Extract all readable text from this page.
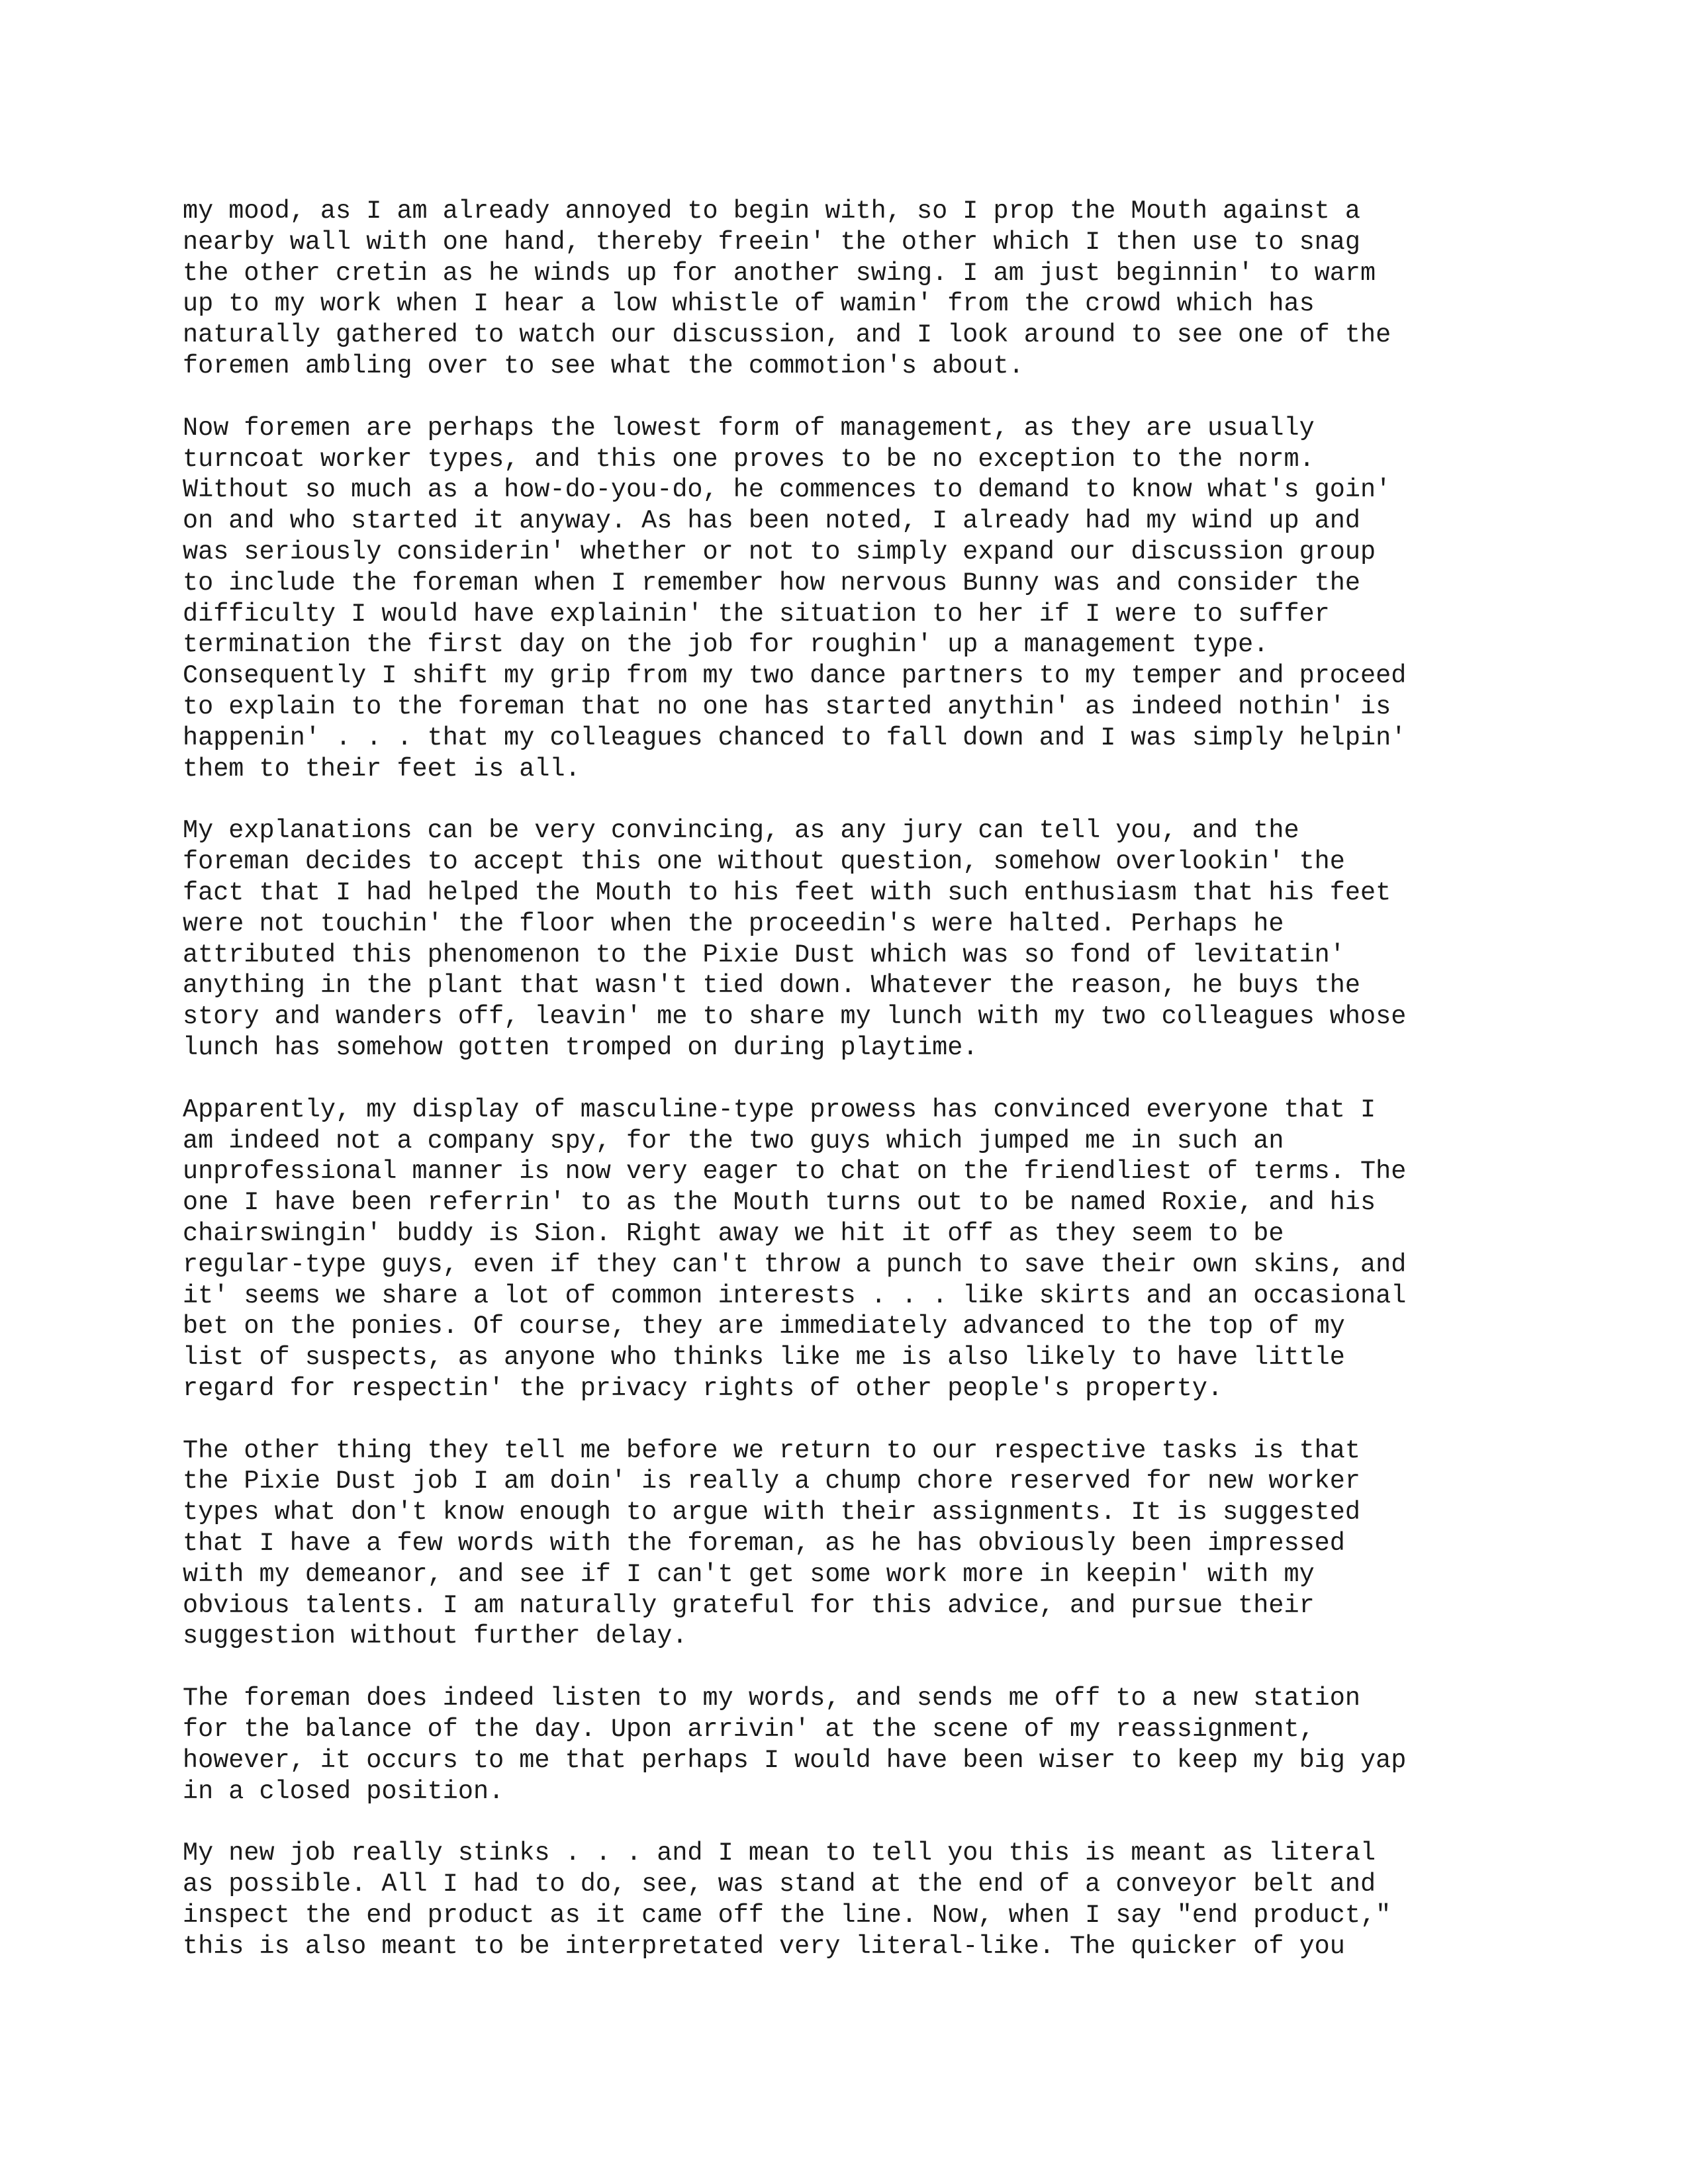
my mood, as I am already annoyed to begin with, so I prop the Mouth against a
nearby wall with one hand, thereby freein' the other which I then use to snag
the other cretin as he winds up for another swing. I am just beginnin' to warm
up to my work when I hear a low whistle of wamin' from the crowd which has
naturally gathered to watch our discussion, and I look around to see one of the
foremen ambling over to see what the commotion's about.
Now foremen are perhaps the lowest form of management, as they are usually
turncoat worker types, and this one proves to be no exception to the norm.
Without so much as a how-do-you-do, he commences to demand to know what's goin'
on and who started it anyway. As has been noted, I already had my wind up and
was seriously considerin' whether or not to simply expand our discussion group
to include the foreman when I remember how nervous Bunny was and consider the
difficulty I would have explainin' the situation to her if I were to suffer
termination the first day on the job for roughin' up a management type.
Consequently I shift my grip from my two dance partners to my temper and proceed
to explain to the foreman that no one has started anythin' as indeed nothin' is
happenin' . . . that my colleagues chanced to fall down and I was simply helpin'
them to their feet is all.
My explanations can be very convincing, as any jury can tell you, and the
foreman decides to accept this one without question, somehow overlookin' the
fact that I had helped the Mouth to his feet with such enthusiasm that his feet
were not touchin' the floor when the proceedin's were halted. Perhaps he
attributed this phenomenon to the Pixie Dust which was so fond of levitatin'
anything in the plant that wasn't tied down. Whatever the reason, he buys the
story and wanders off, leavin' me to share my lunch with my two colleagues whose
lunch has somehow gotten tromped on during playtime.
Apparently, my display of masculine-type prowess has convinced everyone that I
am indeed not a company spy, for the two guys which jumped me in such an
unprofessional manner is now very eager to chat on the friendliest of terms. The
one I have been referrin' to as the Mouth turns out to be named Roxie, and his
chairswingin' buddy is Sion. Right away we hit it off as they seem to be
regular-type guys, even if they can't throw a punch to save their own skins, and
it' seems we share a lot of common interests . . . like skirts and an occasional
bet on the ponies. Of course, they are immediately advanced to the top of my
list of suspects, as anyone who thinks like me is also likely to have little
regard for respectin' the privacy rights of other people's property.
The other thing they tell me before we return to our respective tasks is that
the Pixie Dust job I am doin' is really a chump chore reserved for new worker
types what don't know enough to argue with their assignments. It is suggested
that I have a few words with the foreman, as he has obviously been impressed
with my demeanor, and see if I can't get some work more in keepin' with my
obvious talents. I am naturally grateful for this advice, and pursue their
suggestion without further delay.
The foreman does indeed listen to my words, and sends me off to a new station
for the balance of the day. Upon arrivin' at the scene of my reassignment,
however, it occurs to me that perhaps I would have been wiser to keep my big yap
in a closed position.
My new job really stinks . . . and I mean to tell you this is meant as literal
as possible. All I had to do, see, was stand at the end of a conveyor belt and
inspect the end product as it came off the line. Now, when I say "end product,"
this is also meant to be interpretated very literal-like. The quicker of you
